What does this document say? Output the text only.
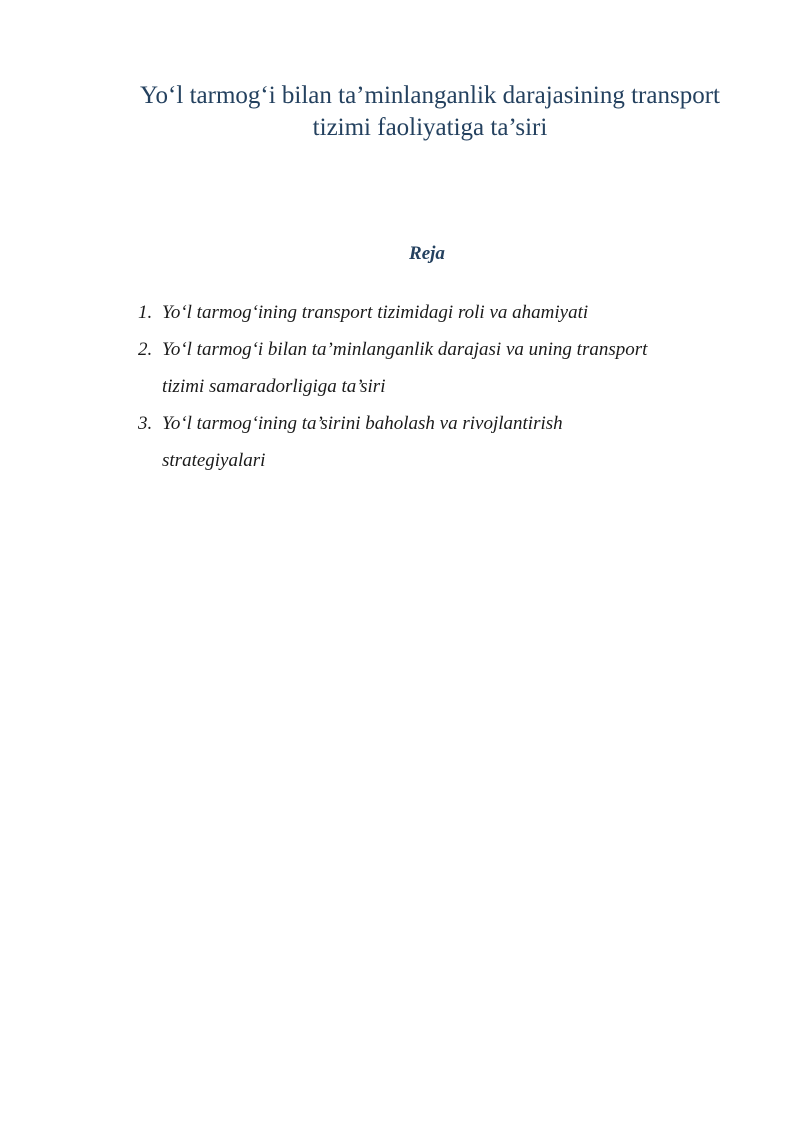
Yo‘l tarmog‘i bilan ta’minlanganlik darajasining transport
tizimi faoliyatiga ta’siri
Reja
1. Yo‘l tarmog‘ining transport tizimidagi roli va ahamiyati
2. Yo‘l tarmog‘i bilan ta’minlanganlik darajasi va uning transport
tizimi samaradorligiga ta’siri
3. Yo‘l tarmog‘ining ta’sirini baholash va rivojlantirish
strategiyalari
